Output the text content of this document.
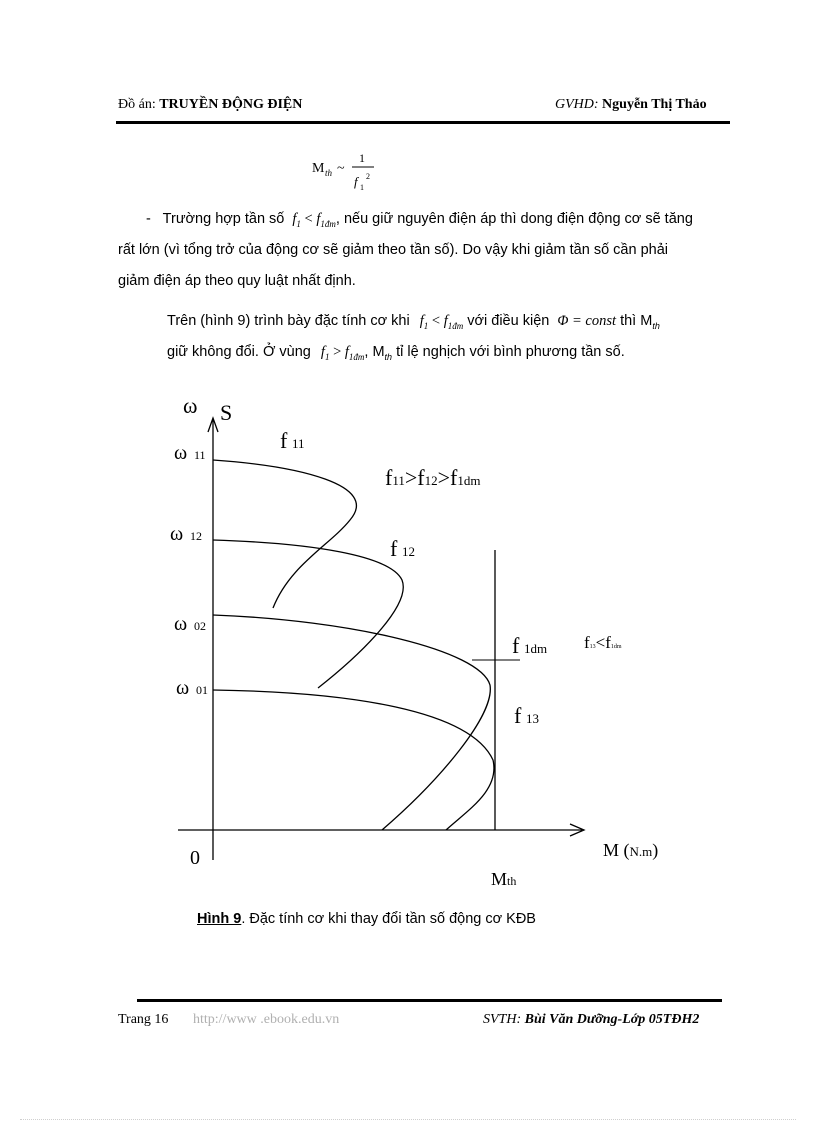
Đồ án: TRUYỀN ĐỘNG ĐIỆN	GVHD: Nguyễn Thị Thảo
M th ~
1
f 1
2
- Trường hợp tần số $f_1 < f_{1đm}$, nếu giữ nguyên điện áp thì dong điện động cơ sẽ tăng
rất lớn (vì tổng trở của động cơ sẽ giảm theo tần số). Do vậy khi giảm tần số cần phải
giảm điện áp theo quy luật nhất định.
Trên (hình 9) trình bày đặc tính cơ khi $f_1 < f_{1đm}$ với điều kiện Φ = const thì $M_{th}$
giữ không đổi. Ở vùng $f_1 > f_{1đm}$, $M_{th}$ tỉ lệ nghịch với bình phương tần số.
ω S
ω 11
ω 12
ω 02
ω 01
0	M (N.m)
M th
f 11
f 12
f 1dm
f 13
f11>f12>f1dm
f13<f1dm
Hình 9. Đặc tính cơ khi thay đổi tần số động cơ KĐB
Trang 16 http://www .ebook.edu.vn	SVTH: Bùi Văn Dưỡng-Lớp 05TĐH2
